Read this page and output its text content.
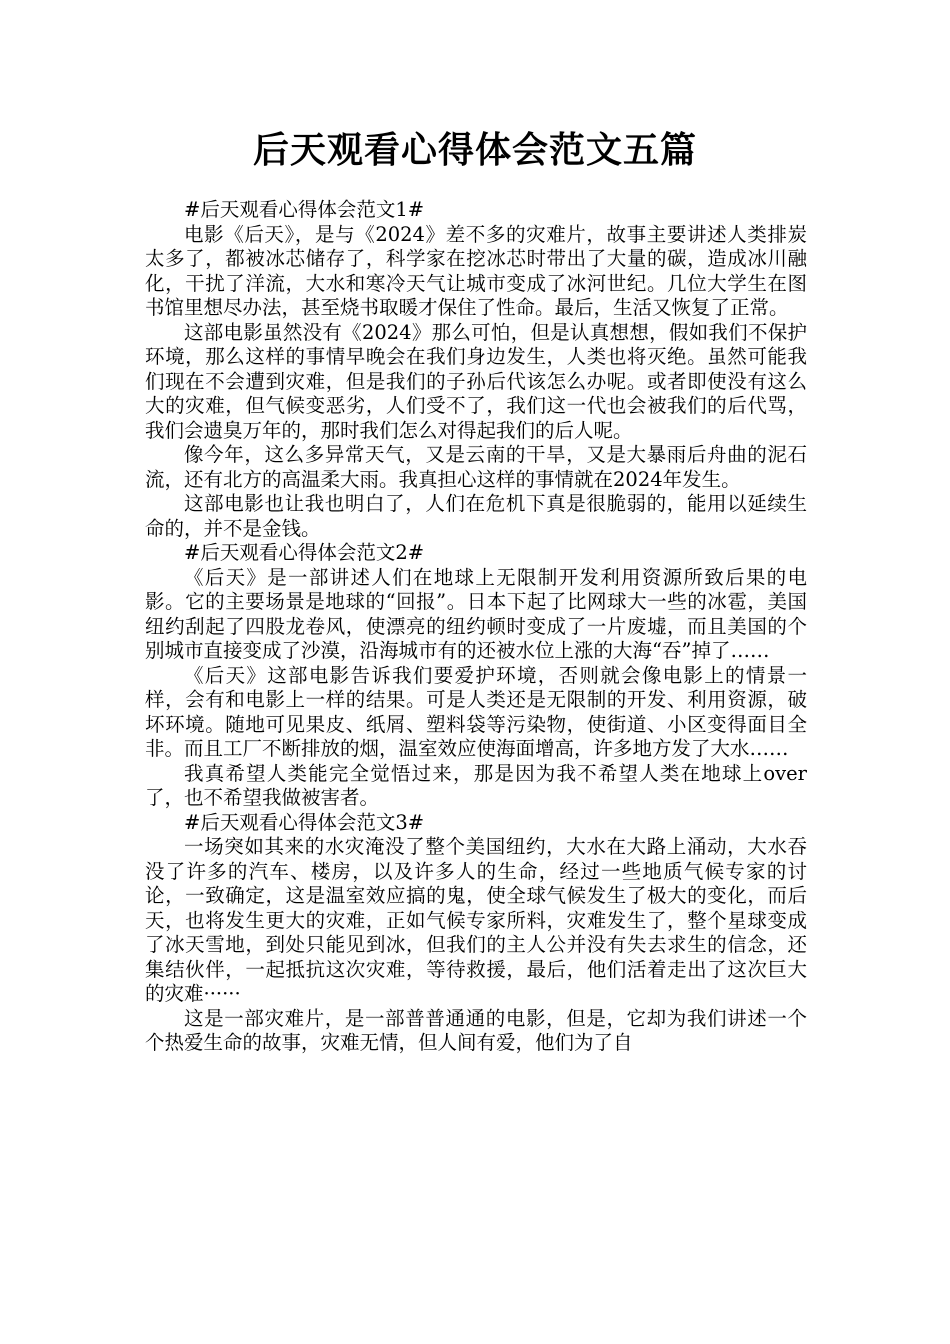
后天观看心得体会范文五篇

#后天观看心得体会范文1#

电影《后天》，是与《2024》差不多的灾难片，故事主要讲述人类排炭太多了，都被冰芯储存了，科学家在挖冰芯时带出了大量的碳，造成冰川融化，干扰了洋流，大水和寒冷天气让城市变成了冰河世纪。几位大学生在图书馆里想尽办法，甚至烧书取暖才保住了性命。最后，生活又恢复了正常。

这部电影虽然没有《2024》那么可怕，但是认真想想，假如我们不保护环境，那么这样的事情早晚会在我们身边发生，人类也将灭绝。虽然可能我们现在不会遭到灾难，但是我们的子孙后代该怎么办呢。或者即使没有这么大的灾难，但气候变恶劣，人们受不了，我们这一代也会被我们的后代骂，我们会遗臭万年的，那时我们怎么对得起我们的后人呢。

像今年，这么多异常天气，又是云南的干旱，又是大暴雨后舟曲的泥石流，还有北方的高温柔大雨。我真担心这样的事情就在2024年发生。

这部电影也让我也明白了，人们在危机下真是很脆弱的，能用以延续生命的，并不是金钱。

#后天观看心得体会范文2#

《后天》是一部讲述人们在地球上无限制开发利用资源所致后果的电影。它的主要场景是地球的“回报”。日本下起了比网球大一些的冰雹，美国纽约刮起了四股龙卷风，使漂亮的纽约顿时变成了一片废墟，而且美国的个别城市直接变成了沙漠，沿海城市有的还被水位上涨的大海“吞”掉了……

《后天》这部电影告诉我们要爱护环境，否则就会像电影上的情景一样，会有和电影上一样的结果。可是人类还是无限制的开发、利用资源，破坏环境。随地可见果皮、纸屑、塑料袋等污染物，使街道、小区变得面目全非。而且工厂不断排放的烟，温室效应使海面增高，许多地方发了大水……

我真希望人类能完全觉悟过来，那是因为我不希望人类在地球上over了，也不希望我做被害者。

#后天观看心得体会范文3#

一场突如其来的水灾淹没了整个美国纽约，大水在大路上涌动，大水吞没了许多的汽车、楼房，以及许多人的生命，经过一些地质气候专家的讨论，一致确定，这是温室效应搞的鬼，使全球气候发生了极大的变化，而后天，也将发生更大的灾难，正如气候专家所料，灾难发生了，整个星球变成了冰天雪地，到处只能见到冰，但我们的主人公并没有失去求生的信念，还集结伙伴，一起抵抗这次灾难，等待救援，最后，他们活着走出了这次巨大的灾难······

这是一部灾难片，是一部普普通通的电影，但是，它却为我们讲述一个个热爱生命的故事，灾难无情，但人间有爱，他们为了自
